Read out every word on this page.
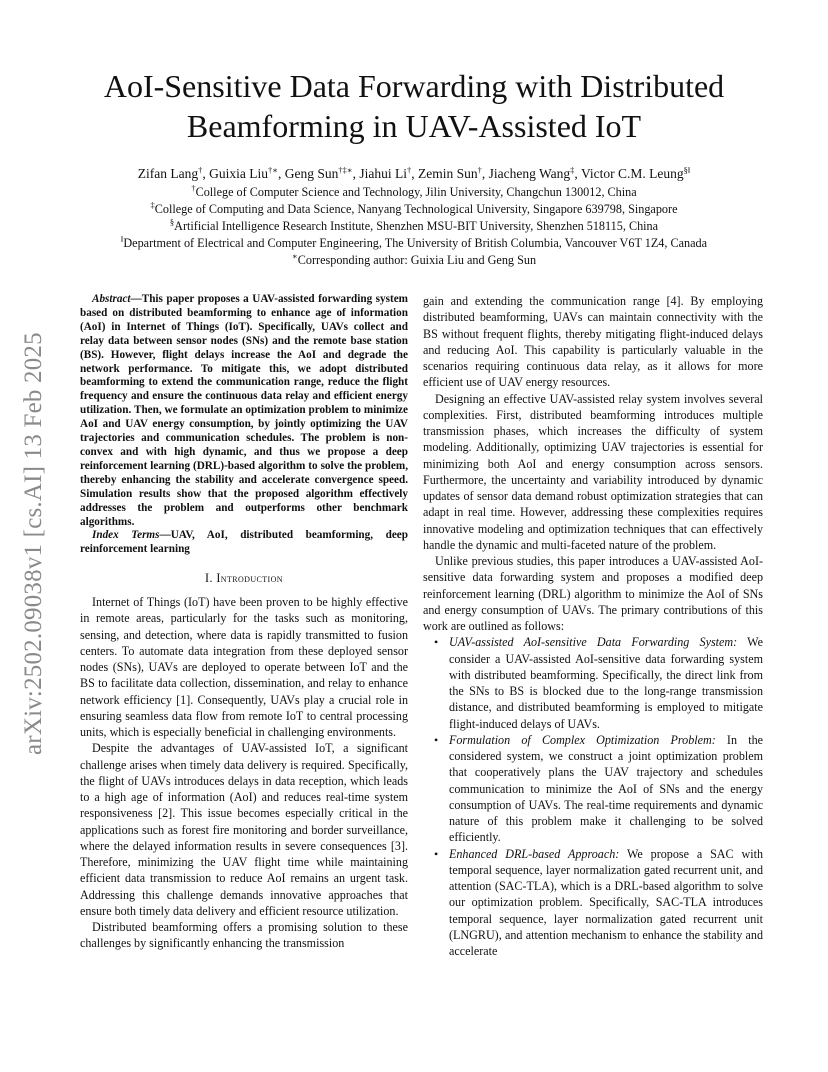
arXiv:2502.09038v1 [cs.AI] 13 Feb 2025
AoI-Sensitive Data Forwarding with Distributed
Beamforming in UAV-Assisted IoT
Zifan Lang†, Guixia Liu†∗, Geng Sun†‡∗, Jiahui Li†, Zemin Sun†, Jiacheng Wang‡, Victor C.M. Leung§‖
†College of Computer Science and Technology, Jilin University, Changchun 130012, China
‡College of Computing and Data Science, Nanyang Technological University, Singapore 639798, Singapore
§Artificial Intelligence Research Institute, Shenzhen MSU-BIT University, Shenzhen 518115, China
‖Department of Electrical and Computer Engineering, The University of British Columbia, Vancouver V6T 1Z4, Canada
∗Corresponding author: Guixia Liu and Geng Sun

Abstract—This paper proposes a UAV-assisted forwarding system based on distributed beamforming to enhance age of information (AoI) in Internet of Things (IoT). Specifically, UAVs collect and relay data between sensor nodes (SNs) and the remote base station (BS). However, flight delays increase the AoI and degrade the network performance. To mitigate this, we adopt distributed beamforming to extend the communication range, reduce the flight frequency and ensure the continuous data relay and efficient energy utilization. Then, we formulate an optimization problem to minimize AoI and UAV energy consumption, by jointly optimizing the UAV trajectories and communication schedules. The problem is non-convex and with high dynamic, and thus we propose a deep reinforcement learning (DRL)-based algorithm to solve the problem, thereby enhancing the stability and accelerate convergence speed. Simulation results show that the proposed algorithm effectively addresses the problem and outperforms other benchmark algorithms.

Index Terms—UAV, AoI, distributed beamforming, deep reinforcement learning

I. Introduction

Internet of Things (IoT) have been proven to be highly effective in remote areas, particularly for the tasks such as monitoring, sensing, and detection, where data is rapidly transmitted to fusion centers. To automate data integration from these deployed sensor nodes (SNs), UAVs are deployed to operate between IoT and the BS to facilitate data collection, dissemination, and relay to enhance network efficiency [1]. Consequently, UAVs play a crucial role in ensuring seamless data flow from remote IoT to central processing units, which is especially beneficial in challenging environments.

Despite the advantages of UAV-assisted IoT, a significant challenge arises when timely data delivery is required. Specifically, the flight of UAVs introduces delays in data reception, which leads to a high age of information (AoI) and reduces real-time system responsiveness [2]. This issue becomes especially critical in the applications such as forest fire monitoring and border surveillance, where the delayed information results in severe consequences [3]. Therefore, minimizing the UAV flight time while maintaining efficient data transmission to reduce AoI remains an urgent task. Addressing this challenge demands innovative approaches that ensure both timely data delivery and efficient resource utilization.

Distributed beamforming offers a promising solution to these challenges by significantly enhancing the transmission

gain and extending the communication range [4]. By employing distributed beamforming, UAVs can maintain connectivity with the BS without frequent flights, thereby mitigating flight-induced delays and reducing AoI. This capability is particularly valuable in the scenarios requiring continuous data relay, as it allows for more efficient use of UAV energy resources.

Designing an effective UAV-assisted relay system involves several complexities. First, distributed beamforming introduces multiple transmission phases, which increases the difficulty of system modeling. Additionally, optimizing UAV trajectories is essential for minimizing both AoI and energy consumption across sensors. Furthermore, the uncertainty and variability introduced by dynamic updates of sensor data demand robust optimization strategies that can adapt in real time. However, addressing these complexities requires innovative modeling and optimization techniques that can effectively handle the dynamic and multi-faceted nature of the problem.

Unlike previous studies, this paper introduces a UAV-assisted AoI-sensitive data forwarding system and proposes a modified deep reinforcement learning (DRL) algorithm to minimize the AoI of SNs and energy consumption of UAVs. The primary contributions of this work are outlined as follows:

• UAV-assisted AoI-sensitive Data Forwarding System: We consider a UAV-assisted AoI-sensitive data forwarding system with distributed beamforming. Specifically, the direct link from the SNs to BS is blocked due to the long-range transmission distance, and distributed beamforming is employed to mitigate flight-induced delays of UAVs.
• Formulation of Complex Optimization Problem: In the considered system, we construct a joint optimization problem that cooperatively plans the UAV trajectory and schedules communication to minimize the AoI of SNs and the energy consumption of UAVs. The real-time requirements and dynamic nature of this problem make it challenging to be solved efficiently.
• Enhanced DRL-based Approach: We propose a SAC with temporal sequence, layer normalization gated recurrent unit, and attention (SAC-TLA), which is a DRL-based algorithm to solve our optimization problem. Specifically, SAC-TLA introduces temporal sequence, layer normalization gated recurrent unit (LNGRU), and attention mechanism to enhance the stability and accelerate
